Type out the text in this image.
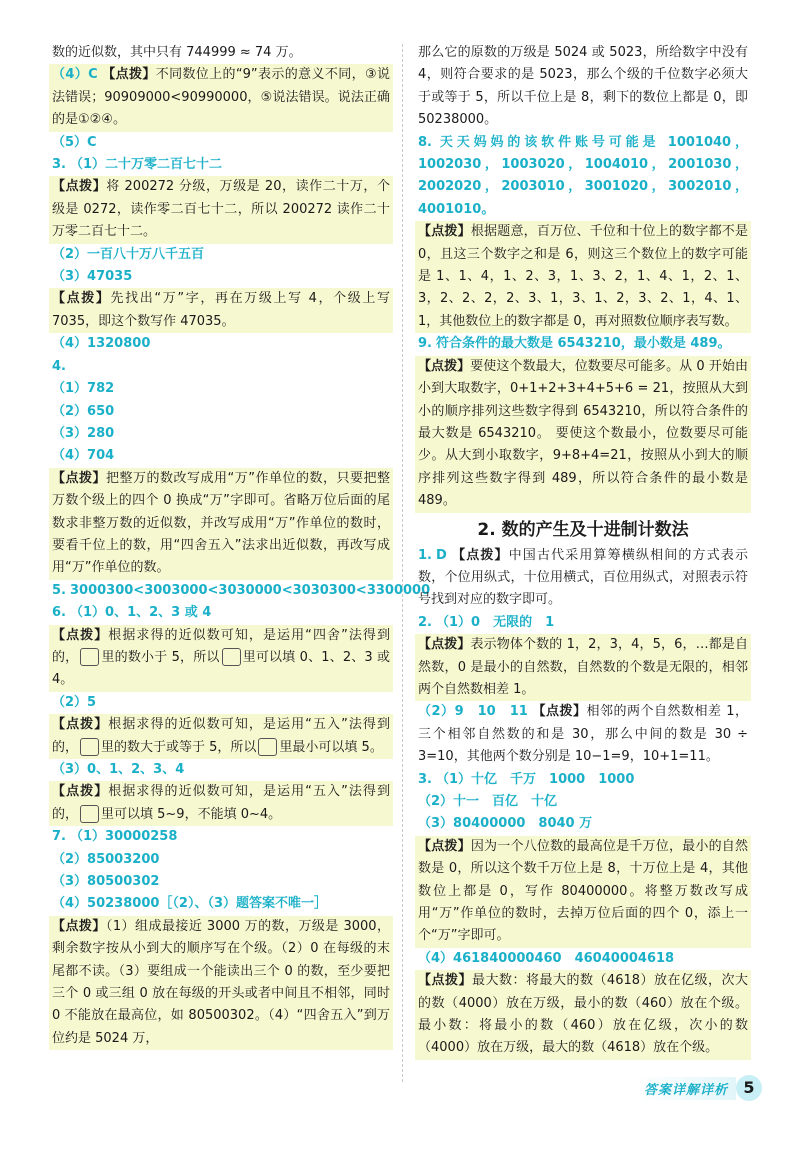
数的近似数，其中只有 744999 ≈ 74 万。

（4）C 【点拨】不同数位上的“9”表示的意义不同，③说法错误；90909000<90990000，⑤说法错误。说法正确的是①②④。

（5）C

3. （1）二十万零二百七十二

【点拨】将 200272 分级，万级是 20，读作二十万，个级是 0272，读作零二百七十二，所以 200272 读作二十万零二百七十二。

（2）一百八十万八千五百

（3）47035

【点拨】先找出“万”字，再在万级上写 4，个级上写 7035，即这个数写作 47035。

（4）1320800

4.

（1）782

（2）650

（3）280

（4）704

【点拨】把整万的数改写成用“万”作单位的数，只要把整万数个级上的四个 0 换成“万”字即可。省略万位后面的尾数求非整万数的近似数，并改写成用“万”作单位的数时，要看千位上的数，用“四舍五入”法求出近似数，再改写成用“万”作单位的数。

5. 3000300<3003000<3030000<3030300<3300000

6. （1）0、1、2、3 或 4

【点拨】根据求得的近似数可知，是运用“四舍”法得到的， 里的数小于 5，所以 里可以填 0、1、2、3 或 4。

（2）5

【点拨】根据求得的近似数可知，是运用“五入”法得到的， 里的数大于或等于 5，所以 里最小可以填 5。

（3）0、1、2、3、4

【点拨】根据求得的近似数可知，是运用“五入”法得到的， 里可以填 5~9，不能填 0~4。

7. （1）30000258

（2）85003200

（3）80500302

（4）50238000［（2）、（3）题答案不唯一］

【点拨】（1）组成最接近 3000 万的数，万级是 3000，剩余数字按从小到大的顺序写在个级。（2）0 在每级的末尾都不读。（3）要组成一个能读出三个 0 的数，至少要把三个 0 或三组 0 放在每级的开头或者中间且不相邻，同时 0 不能放在最高位，如 80500302。（4）“四舍五入”到万位约是 5024 万，

那么它的原数的万级是 5024 或 5023，所给数字中没有 4，则符合要求的是 5023，那么个级的千位数字必须大于或等于 5，所以千位上是 8，剩下的数位上都是 0，即 50238000。

8. 天天妈妈的该软件账号可能是 1001040，1002030，1003020，1004010，2001030，2002020，2003010，3001020，3002010，4001010。

【点拨】根据题意，百万位、千位和十位上的数字都不是 0，且这三个数字之和是 6，则这三个数位上的数字可能是 1、1、4，1、2、3，1、3、2，1、4、1，2、1、3，2、2、2，2、3、1，3、1、2，3、2、1，4、1、1，其他数位上的数字都是 0，再对照数位顺序表写数。

9. 符合条件的最大数是 6543210，最小数是 489。

【点拨】要使这个数最大，位数要尽可能多。从 0 开始由小到大取数字，0+1+2+3+4+5+6 = 21，按照从大到小的顺序排列这些数字得到 6543210，所以符合条件的最大数是 6543210。 要使这个数最小，位数要尽可能少。从大到小取数字，9+8+4=21，按照从小到大的顺序排列这些数字得到 489，所以符合条件的最小数是 489。

2. 数的产生及十进制计数法

1. D 【点拨】中国古代采用算筹横纵相间的方式表示数，个位用纵式，十位用横式，百位用纵式，对照表示符号找到对应的数字即可。

2. （1）0　无限的　1

【点拨】表示物体个数的 1，2，3，4，5，6，…都是自然数，0 是最小的自然数，自然数的个数是无限的，相邻两个自然数相差 1。

（2）9　10　11 【点拨】相邻的两个自然数相差 1，三个相邻自然数的和是 30，那么中间的数是 30 ÷ 3=10，其他两个数分别是 10−1=9，10+1=11。

3. （1）十亿　千万　1000　1000

（2）十一　百亿　十亿

（3）80400000　8040 万

【点拨】因为一个八位数的最高位是千万位，最小的自然数是 0，所以这个数千万位上是 8，十万位上是 4，其他数位上都是 0，写作 80400000。将整万数改写成用“万”作单位的数时，去掉万位后面的四个 0，添上一个“万”字即可。

（4）461840000460　46040004618

【点拨】最大数：将最大的数（4618）放在亿级，次大的数（4000）放在万级，最小的数（460）放在个级。最小数：将最小的数（460）放在亿级，次小的数（4000）放在万级，最大的数（4618）放在个级。

答案详解详析 5
